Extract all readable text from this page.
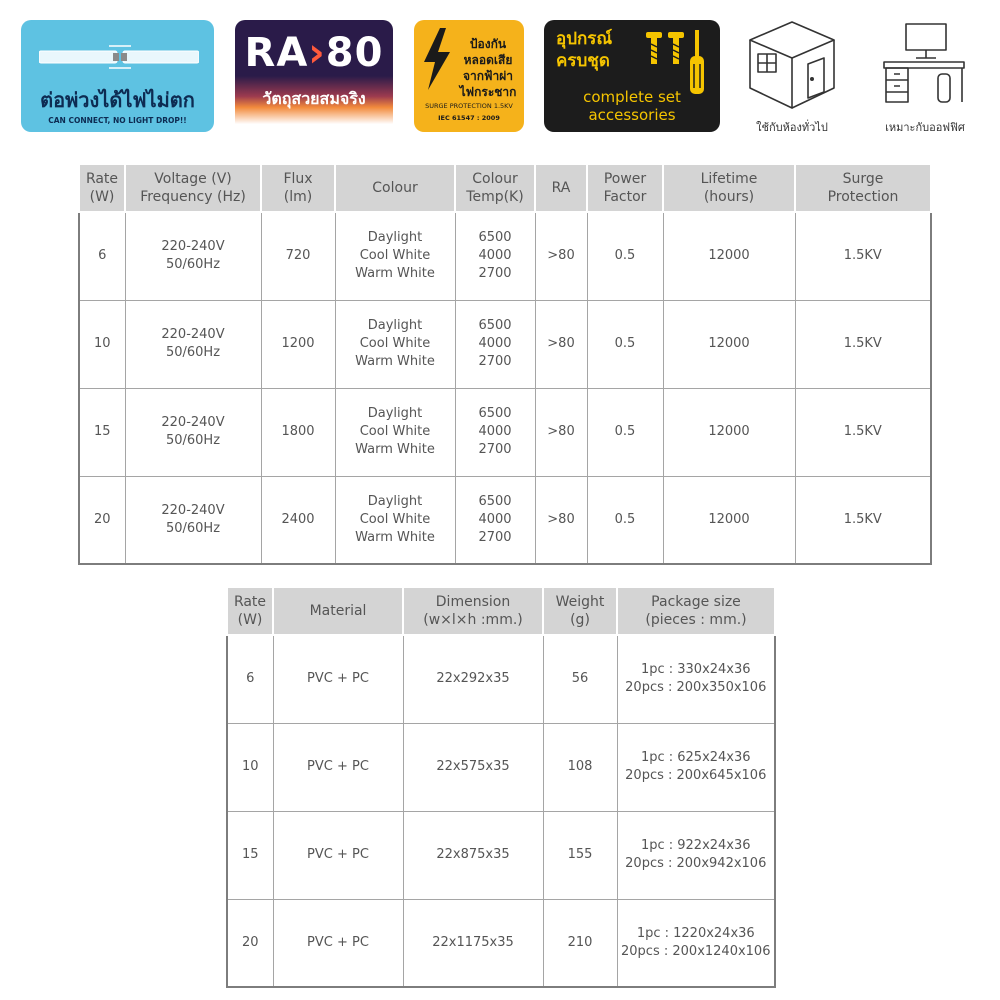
ต่อพ่วงได้ไฟไม่ตก
CAN CONNECT, NO LIGHT DROP!!
RA›80
วัตถุสวยสมจริง
ป้องกัน
หลอดเสีย
จากฟ้าผ่า
ไฟกระชาก
SURGE PROTECTION 1.5KV
IEC 61547 : 2009
อุปกรณ์
ครบชุด
complete set
accessories
ใช้กับห้องทั่วไป	เหมาะกับออฟฟิศ
Rate
(W)	Voltage (V)
Frequency (Hz)	Flux
(lm)	Colour	Colour
Temp(K)	RA	Power
Factor	Lifetime
(hours)	Surge
Protection
6	220-240V
50/60Hz	720	Daylight
Cool White
Warm White	6500
4000
2700	>80	0.5	12000	1.5KV
10	220-240V
50/60Hz	1200	Daylight
Cool White
Warm White	6500
4000
2700	>80	0.5	12000	1.5KV
15	220-240V
50/60Hz	1800	Daylight
Cool White
Warm White	6500
4000
2700	>80	0.5	12000	1.5KV
20	220-240V
50/60Hz	2400	Daylight
Cool White
Warm White	6500
4000
2700	>80	0.5	12000	1.5KV
Rate
(W)	Material	Dimension
(w×l×h :mm.)	Weight
(g)	Package size
(pieces : mm.)
6	PVC + PC	22x292x35	56	1pc : 330x24x36
20pcs : 200x350x106
10	PVC + PC	22x575x35	108	1pc : 625x24x36
20pcs : 200x645x106
15	PVC + PC	22x875x35	155	1pc : 922x24x36
20pcs : 200x942x106
20	PVC + PC	22x1175x35	210	1pc : 1220x24x36
20pcs : 200x1240x106
